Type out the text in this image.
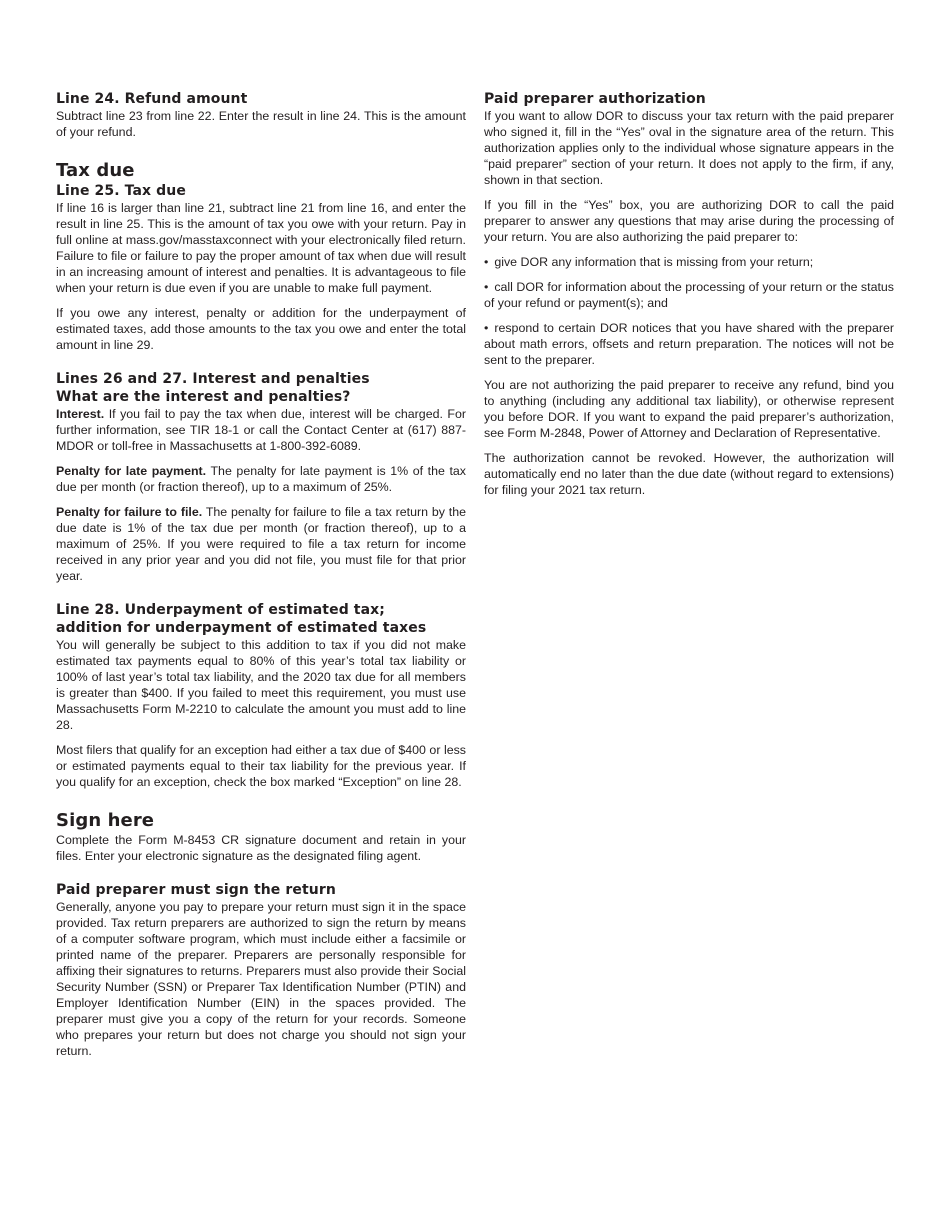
Line 24. Refund amount

Subtract line 23 from line 22. Enter the result in line 24. This is the amount of your refund.

Tax due
Line 25. Tax due

If line 16 is larger than line 21, subtract line 21 from line 16, and enter the result in line 25. This is the amount of tax you owe with your return. Pay in full online at mass.gov/masstaxconnect with your electronically filed return. Failure to file or failure to pay the proper amount of tax when due will result in an increasing amount of interest and penalties. It is advantageous to file when your return is due even if you are unable to make full payment.

If you owe any interest, penalty or addition for the underpayment of estimated taxes, add those amounts to the tax you owe and enter the total amount in line 29.

Lines 26 and 27. Interest and penalties
What are the interest and penalties?

Interest. If you fail to pay the tax when due, interest will be charged. For further information, see TIR 18-1 or call the Contact Center at (617) 887-MDOR or toll-free in Massachusetts at 1-800-392-6089.

Penalty for late payment. The penalty for late payment is 1% of the tax due per month (or fraction thereof), up to a maximum of 25%.

Penalty for failure to file. The penalty for failure to file a tax return by the due date is 1% of the tax due per month (or fraction thereof), up to a maximum of 25%. If you were required to file a tax return for income received in any prior year and you did not file, you must file for that prior year.

Line 28. Underpayment of estimated tax;
addition for underpayment of estimated taxes

You will generally be subject to this addition to tax if you did not make estimated tax payments equal to 80% of this year’s total tax liability or 100% of last year’s total tax liability, and the 2020 tax due for all members is greater than $400. If you failed to meet this requirement, you must use Massachusetts Form M-2210 to calculate the amount you must add to line 28.

Most filers that qualify for an exception had either a tax due of $400 or less or estimated payments equal to their tax liability for the previous year. If you qualify for an exception, check the box marked “Exception” on line 28.

Sign here

Complete the Form M-8453 CR signature document and retain in your files. Enter your electronic signature as the designated filing agent.

Paid preparer must sign the return

Generally, anyone you pay to prepare your return must sign it in the space provided. Tax return preparers are authorized to sign the return by means of a computer software program, which must include either a facsimile or printed name of the preparer. Preparers are personally responsible for affixing their signatures to returns. Preparers must also provide their Social Security Number (SSN) or Preparer Tax Identification Number (PTIN) and Employer Identification Number (EIN) in the spaces provided. The preparer must give you a copy of the return for your records. Someone who prepares your return but does not charge you should not sign your return.

Paid preparer authorization

If you want to allow DOR to discuss your tax return with the paid preparer who signed it, fill in the “Yes” oval in the signature area of the return. This authorization applies only to the individual whose signature appears in the “paid preparer” section of your return. It does not apply to the firm, if any, shown in that section.

If you fill in the “Yes” box, you are authorizing DOR to call the paid preparer to answer any questions that may arise during the processing of your return. You are also authorizing the paid preparer to:

• give DOR any information that is missing from your return;

• call DOR for information about the processing of your return or the status of your refund or payment(s); and

• respond to certain DOR notices that you have shared with the preparer about math errors, offsets and return preparation. The notices will not be sent to the preparer.

You are not authorizing the paid preparer to receive any refund, bind you to anything (including any additional tax liability), or otherwise represent you before DOR. If you want to expand the paid preparer’s authorization, see Form M-2848, Power of Attorney and Declaration of Representative.

The authorization cannot be revoked. However, the authorization will automatically end no later than the due date (without regard to extensions) for filing your 2021 tax return.
